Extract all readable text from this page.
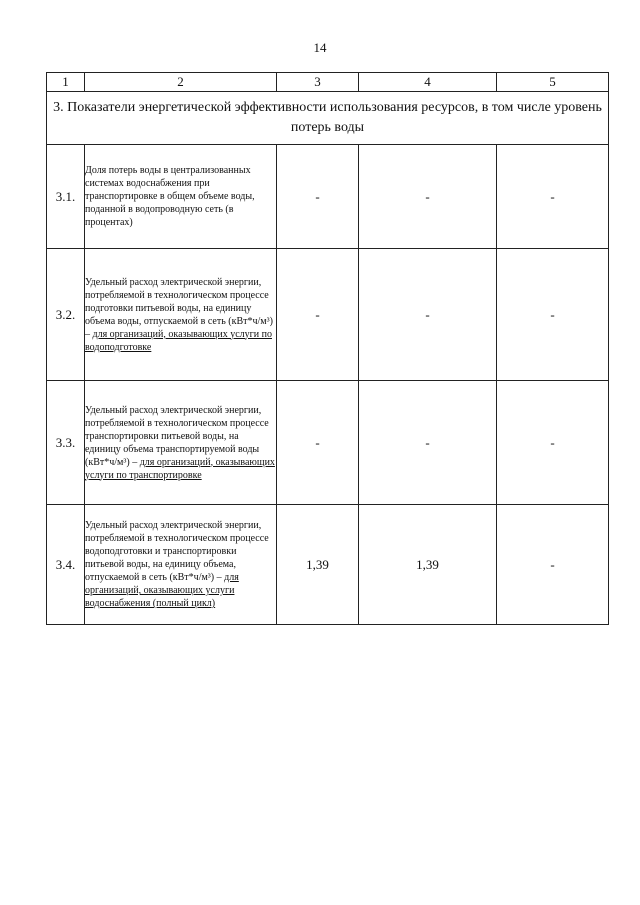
14
1	2	3	4	5
3. Показатели энергетической эффективности использования ресурсов, в том числе уровень потерь воды				
3.1.	Доля потерь воды в централизованных системах водоснабжения при транспортировке в общем объеме воды, поданной в водопроводную сеть (в процентах)	-	-	-
3.2.	Удельный расход электрической энергии, потребляемой в технологическом процессе подготовки питьевой воды, на единицу объема воды, отпускаемой в сеть (кВт*ч/м³) – для организаций, оказывающих услуги по водоподготовке	-	-	-
3.3.	Удельный расход электрической энергии, потребляемой в технологическом процессе транспортировки питьевой воды, на единицу объема транспортируемой воды (кВт*ч/м³) – для организаций, оказывающих услуги по транспортировке	-	-	-
3.4.	Удельный расход электрической энергии, потребляемой в технологическом процессе водоподготовки и транспортировки питьевой воды, на единицу объема, отпускаемой в сеть (кВт*ч/м³) – для организаций, оказывающих услуги водоснабжения (полный цикл)	1,39	1,39	-
